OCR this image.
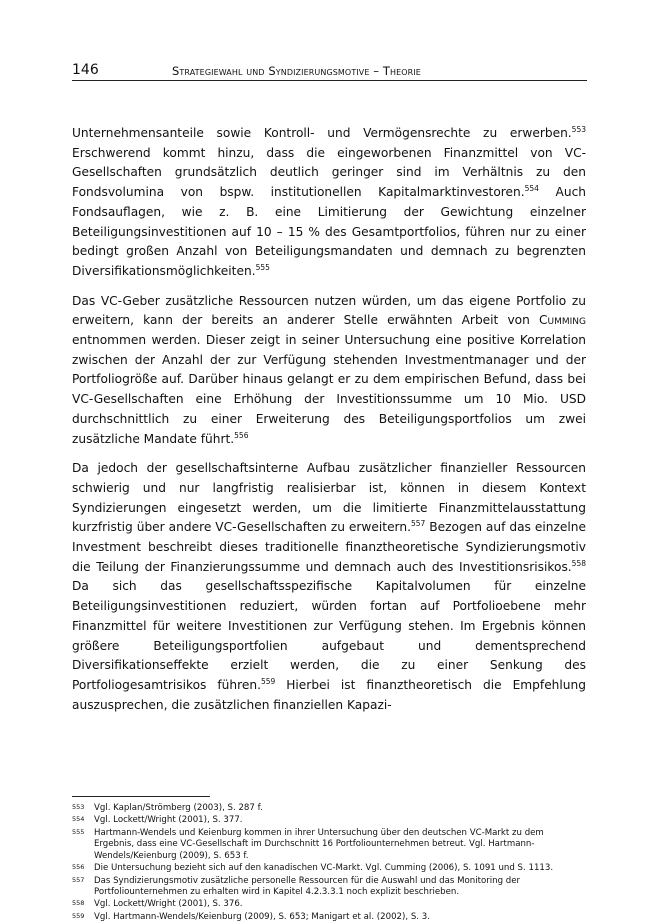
146	Strategiewahl und Syndizierungsmotive – Theorie

Unternehmensanteile sowie Kontroll- und Vermögensrechte zu erwerben.$^{553}$ Erschwerend kommt hinzu, dass die eingeworbenen Finanzmittel von VC-Gesellschaften grundsätzlich deutlich geringer sind im Verhältnis zu den Fondsvolumina von bspw. institutionellen Kapitalmarktinvestoren.$^{554}$ Auch Fondsauflagen, wie z. B. eine Limitierung der Gewichtung einzelner Beteiligungsinvestitionen auf 10 – 15 % des Gesamtportfolios, führen nur zu einer bedingt großen Anzahl von Beteiligungsmandaten und demnach zu begrenzten Diversifikationsmöglichkeiten.$^{555}$

Das VC-Geber zusätzliche Ressourcen nutzen würden, um das eigene Portfolio zu erweitern, kann der bereits an anderer Stelle erwähnten Arbeit von Cumming entnommen werden. Dieser zeigt in seiner Untersuchung eine positive Korrelation zwischen der Anzahl der zur Verfügung stehenden Investmentmanager und der Portfoliogröße auf. Darüber hinaus gelangt er zu dem empirischen Befund, dass bei VC-Gesellschaften eine Erhöhung der Investitionssumme um 10 Mio. USD durchschnittlich zu einer Erweiterung des Beteiligungsportfolios um zwei zusätzliche Mandate führt.$^{556}$

Da jedoch der gesellschaftsinterne Aufbau zusätzlicher finanzieller Ressourcen schwierig und nur langfristig realisierbar ist, können in diesem Kontext Syndizierungen eingesetzt werden, um die limitierte Finanzmittelausstattung kurzfristig über andere VC-Gesellschaften zu erweitern.$^{557}$ Bezogen auf das einzelne Investment beschreibt dieses traditionelle finanztheoretische Syndizierungsmotiv die Teilung der Finanzierungssumme und demnach auch des Investitionsrisikos.$^{558}$ Da sich das gesellschaftsspezifische Kapitalvolumen für einzelne Beteiligungsinvestitionen reduziert, würden fortan auf Portfolioebene mehr Finanzmittel für weitere Investitionen zur Verfügung stehen. Im Ergebnis können größere Beteiligungsportfolien aufgebaut und dementsprechend Diversifikationseffekte erzielt werden, die zu einer Senkung des Portfoliogesamtrisikos führen.$^{559}$ Hierbei ist finanztheoretisch die Empfehlung auszusprechen, die zusätzlichen finanziellen Kapazi-

553	Vgl. Kaplan/Strömberg (2003), S. 287 f.
554	Vgl. Lockett/Wright (2001), S. 377.
555	Hartmann-Wendels und Keienburg kommen in ihrer Untersuchung über den deutschen VC-Markt zu dem Ergebnis, dass eine VC-Gesellschaft im Durchschnitt 16 Portfoliounternehmen betreut. Vgl. Hartmann-Wendels/Keienburg (2009), S. 653 f.
556	Die Untersuchung bezieht sich auf den kanadischen VC-Markt. Vgl. Cumming (2006), S. 1091 und S. 1113.
557	Das Syndizierungsmotiv zusätzliche personelle Ressourcen für die Auswahl und das Monitoring der Portfoliounternehmen zu erhalten wird in Kapitel 4.2.3.3.1 noch explizit beschrieben.
558	Vgl. Lockett/Wright (2001), S. 376.
559	Vgl. Hartmann-Wendels/Keienburg (2009), S. 653; Manigart et al. (2002), S. 3.
